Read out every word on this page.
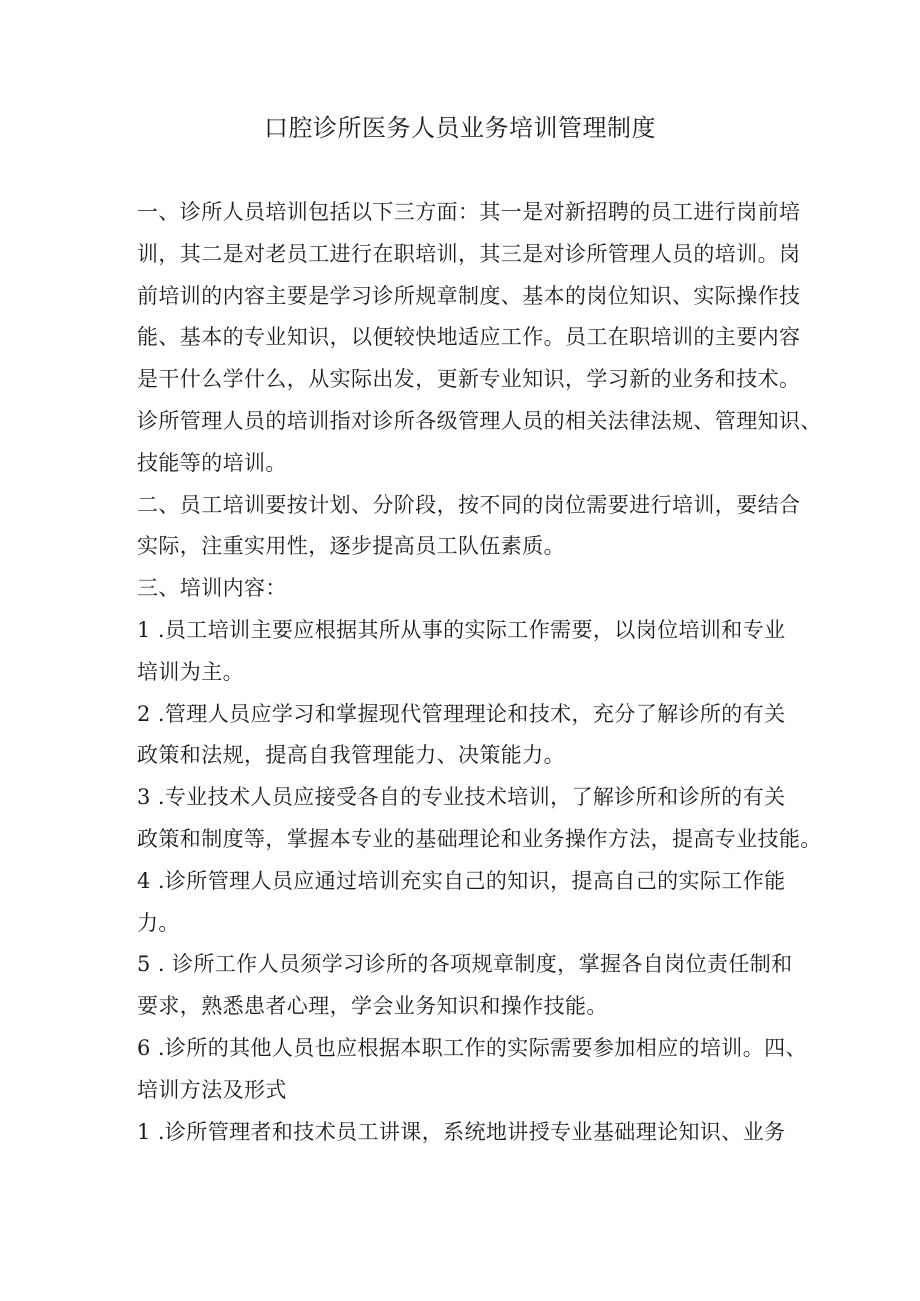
口腔诊所医务人员业务培训管理制度
一、诊所人员培训包括以下三方面：其一是对新招聘的员工进行岗前培
训，其二是对老员工进行在职培训，其三是对诊所管理人员的培训。岗
前培训的内容主要是学习诊所规章制度、基本的岗位知识、实际操作技
能、基本的专业知识，以便较快地适应工作。员工在职培训的主要内容
是干什么学什么，从实际出发，更新专业知识，学习新的业务和技术。
诊所管理人员的培训指对诊所各级管理人员的相关法律法规、管理知识、
技能等的培训。
二、员工培训要按计划、分阶段，按不同的岗位需要进行培训，要结合
实际，注重实用性，逐步提高员工队伍素质。
三、培训内容：
1 .员工培训主要应根据其所从事的实际工作需要，以岗位培训和专业
培训为主。
2 .管理人员应学习和掌握现代管理理论和技术，充分了解诊所的有关
政策和法规，提高自我管理能力、决策能力。
3 .专业技术人员应接受各自的专业技术培训，了解诊所和诊所的有关
政策和制度等，掌握本专业的基础理论和业务操作方法，提高专业技能。
4 .诊所管理人员应通过培训充实自己的知识，提高自己的实际工作能
力。
5 . 诊所工作人员须学习诊所的各项规章制度，掌握各自岗位责任制和
要求，熟悉患者心理，学会业务知识和操作技能。
6 .诊所的其他人员也应根据本职工作的实际需要参加相应的培训。四、
培训方法及形式
1 .诊所管理者和技术员工讲课，系统地讲授专业基础理论知识、业务
